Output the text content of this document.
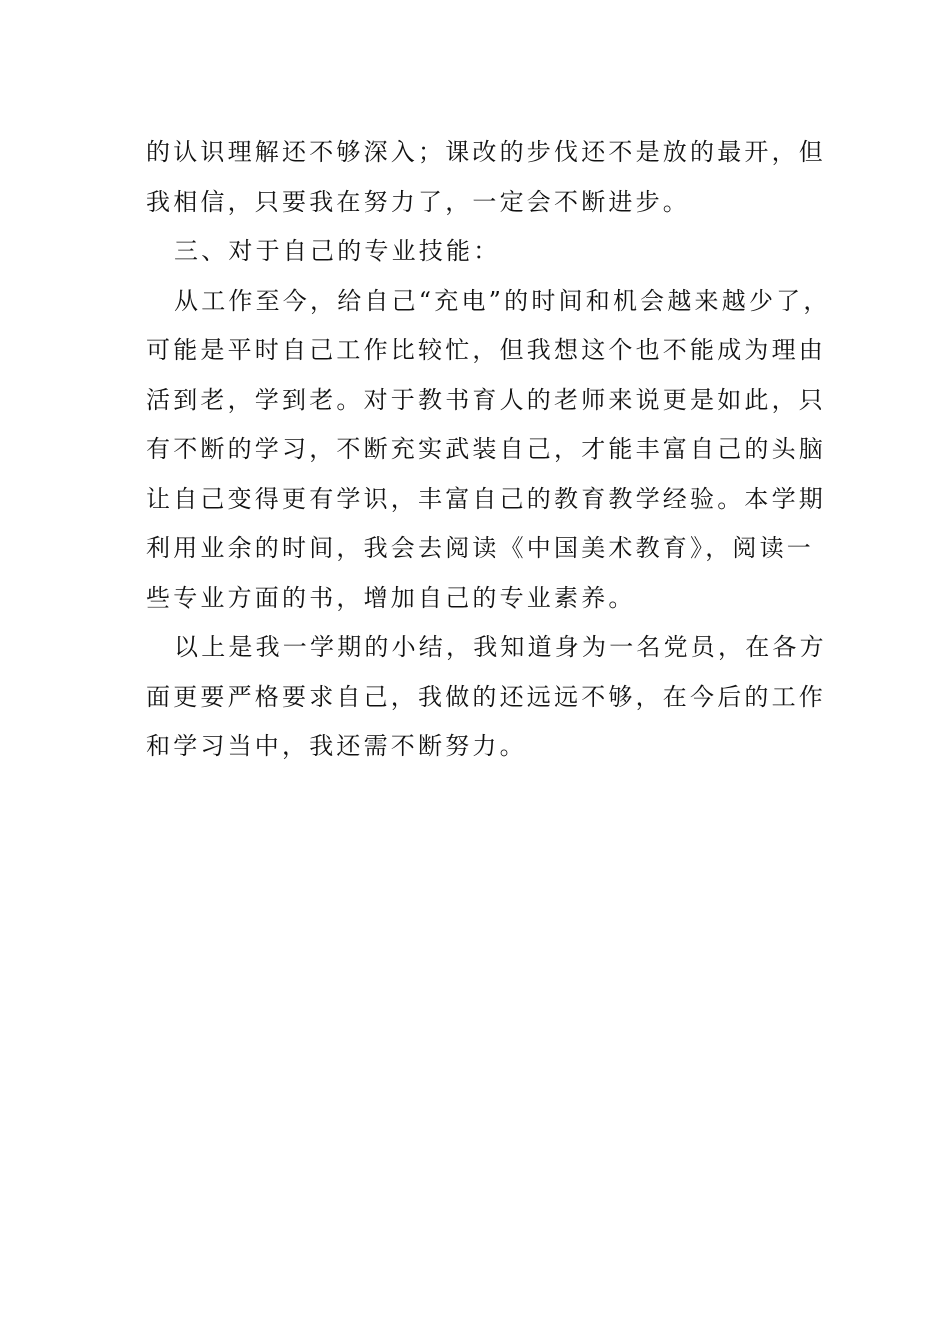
的认识理解还不够深入；课改的步伐还不是放的最开，但
我相信，只要我在努力了，一定会不断进步。
三、对于自己的专业技能：
从工作至今，给自己“充电”的时间和机会越来越少了，
可能是平时自己工作比较忙，但我想这个也不能成为理由
活到老，学到老。对于教书育人的老师来说更是如此，只
有不断的学习，不断充实武装自己，才能丰富自己的头脑
让自己变得更有学识，丰富自己的教育教学经验。本学期
利用业余的时间，我会去阅读《中国美术教育》，阅读一
些专业方面的书，增加自己的专业素养。
以上是我一学期的小结，我知道身为一名党员，在各方
面更要严格要求自己，我做的还远远不够，在今后的工作
和学习当中，我还需不断努力。
